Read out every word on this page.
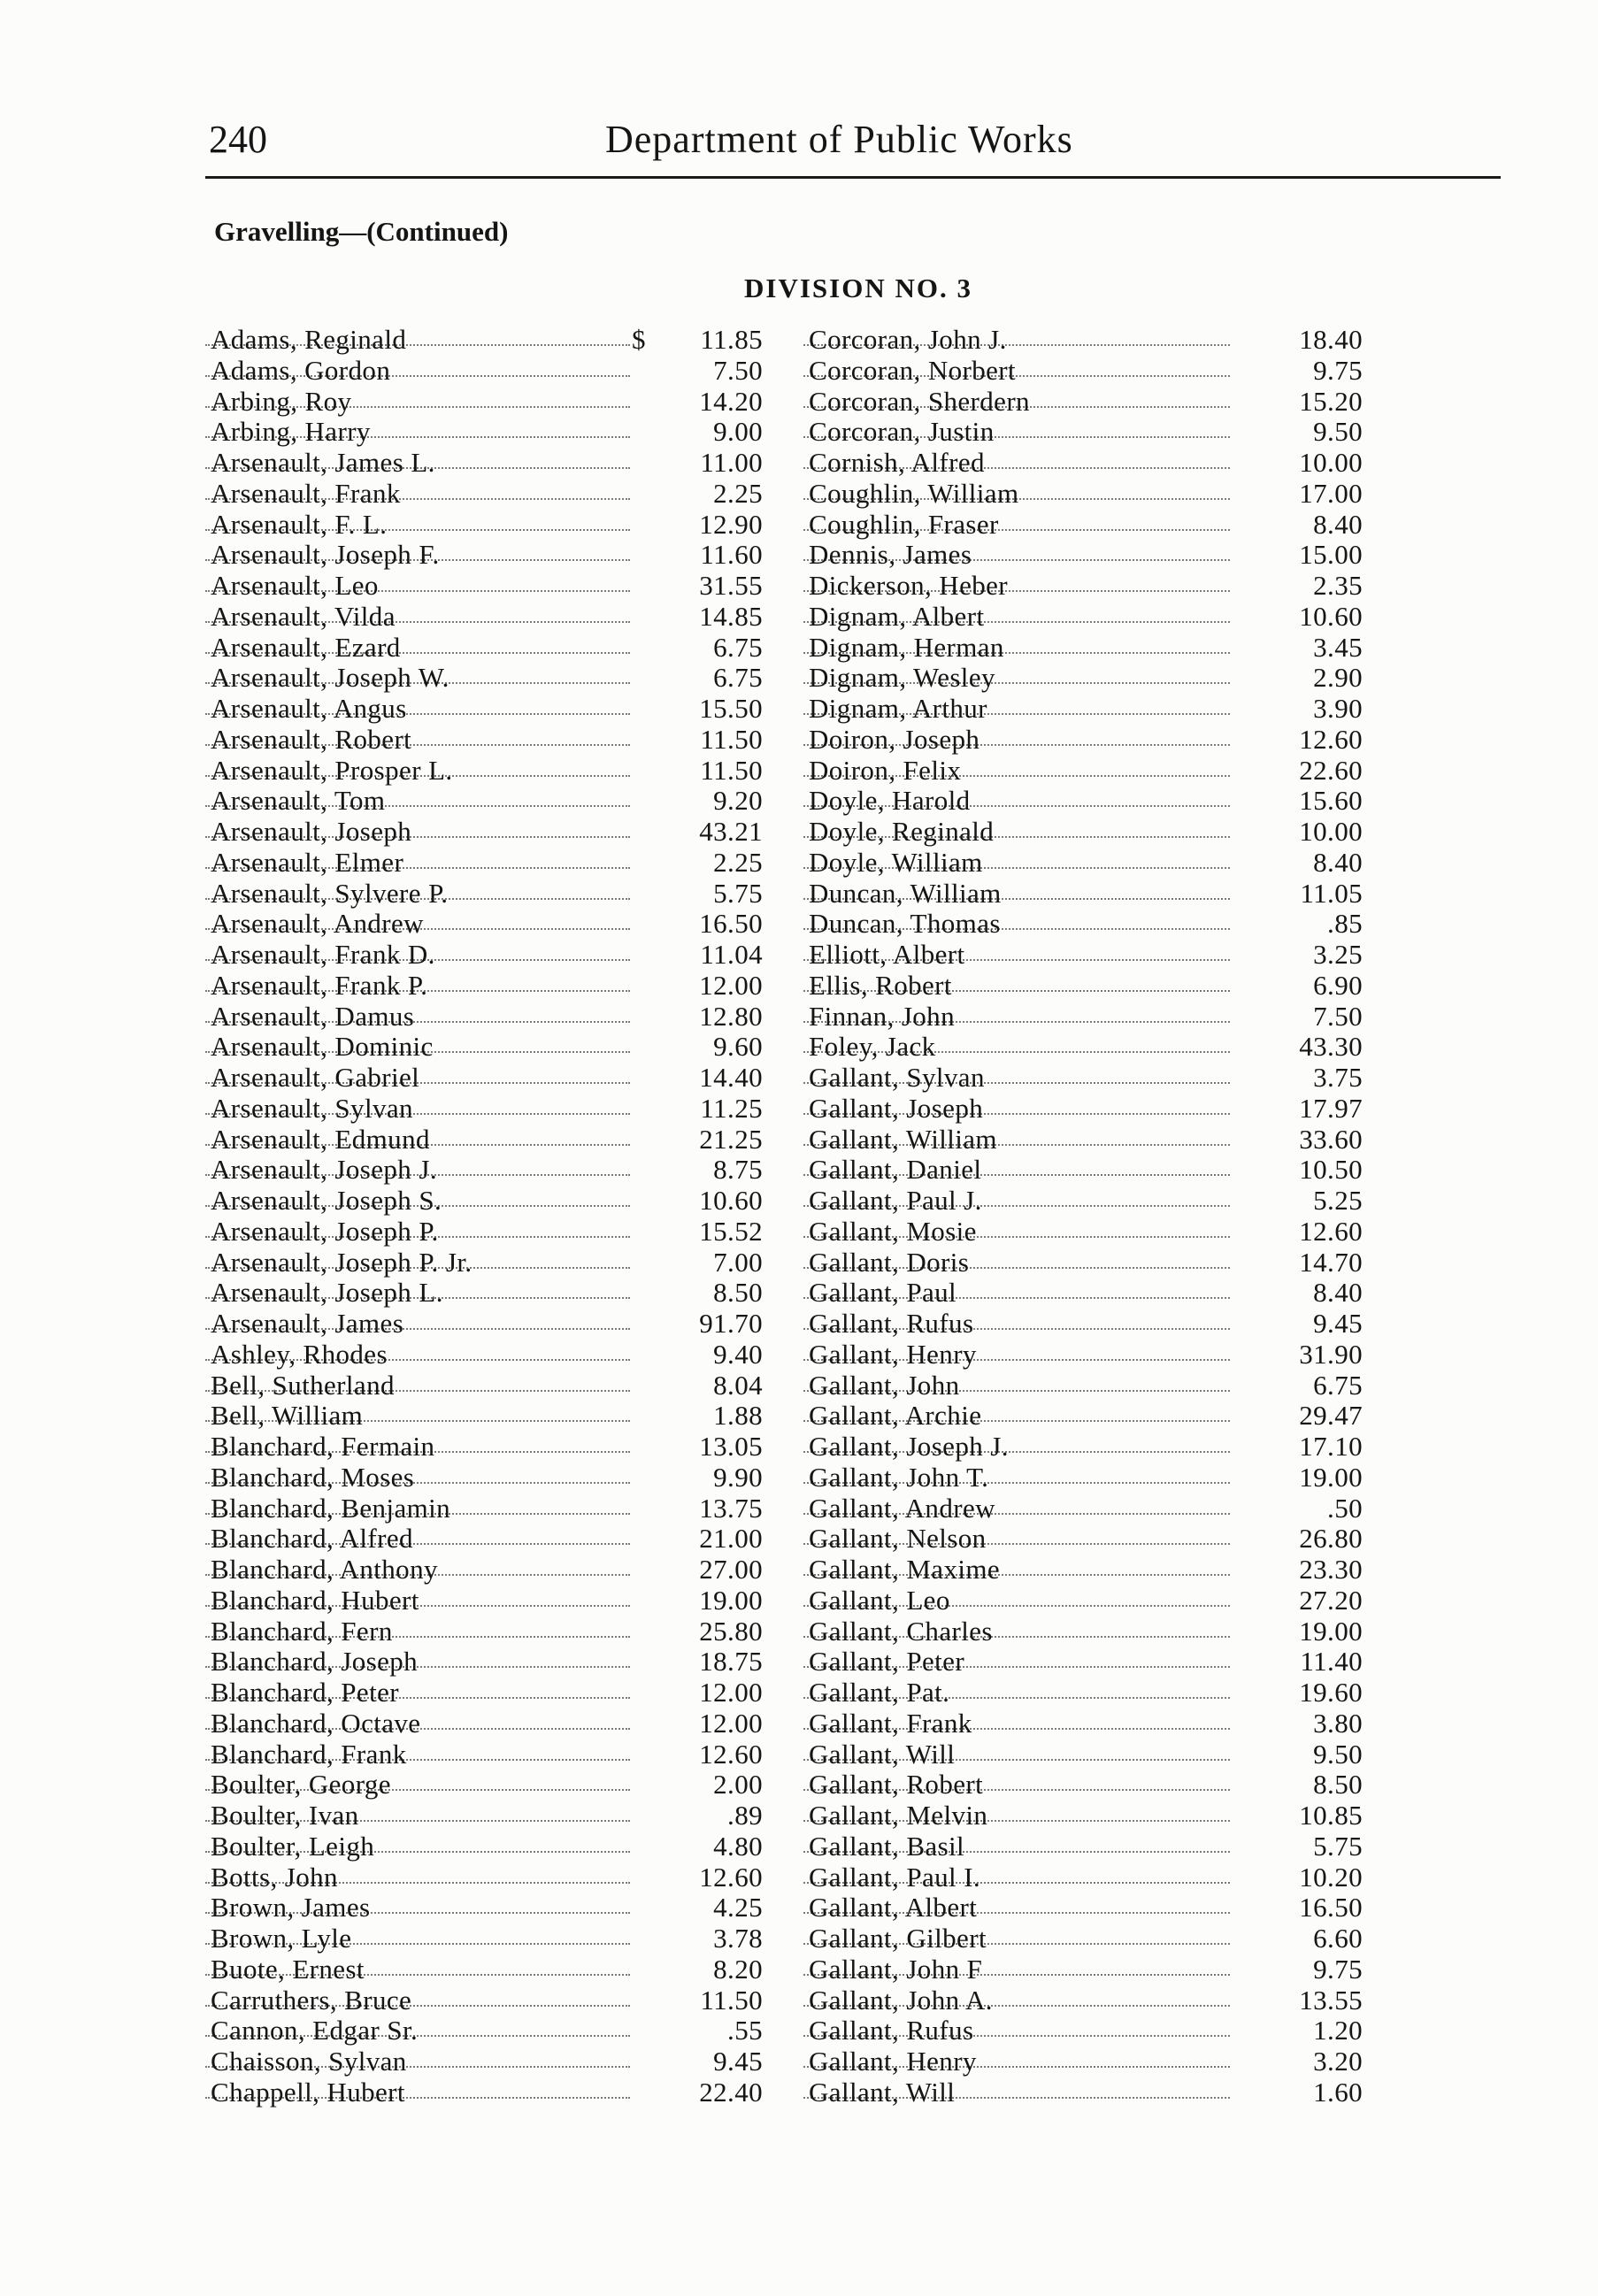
240	Department of Public Works
Gravelling—(Continued)
DIVISION NO. 3
Adams, Reginald	$	11.85
Adams, Gordon	7.50
Arbing, Roy	14.20
Arbing, Harry	9.00
Arsenault, James L.	11.00
Arsenault, Frank	2.25
Arsenault, F. L.	12.90
Arsenault, Joseph F.	11.60
Arsenault, Leo	31.55
Arsenault, Vilda	14.85
Arsenault, Ezard	6.75
Arsenault, Joseph W.	6.75
Arsenault, Angus	15.50
Arsenault, Robert	11.50
Arsenault, Prosper L.	11.50
Arsenault, Tom	9.20
Arsenault, Joseph	43.21
Arsenault, Elmer	2.25
Arsenault, Sylvere P.	5.75
Arsenault, Andrew	16.50
Arsenault, Frank D.	11.04
Arsenault, Frank P.	12.00
Arsenault, Damus	12.80
Arsenault, Dominic	9.60
Arsenault, Gabriel	14.40
Arsenault, Sylvan	11.25
Arsenault, Edmund	21.25
Arsenault, Joseph J.	8.75
Arsenault, Joseph S.	10.60
Arsenault, Joseph P.	15.52
Arsenault, Joseph P. Jr.	7.00
Arsenault, Joseph L.	8.50
Arsenault, James	91.70
Ashley, Rhodes	9.40
Bell, Sutherland	8.04
Bell, William	1.88
Blanchard, Fermain	13.05
Blanchard, Moses	9.90
Blanchard, Benjamin	13.75
Blanchard, Alfred	21.00
Blanchard, Anthony	27.00
Blanchard, Hubert	19.00
Blanchard, Fern	25.80
Blanchard, Joseph	18.75
Blanchard, Peter	12.00
Blanchard, Octave	12.00
Blanchard, Frank	12.60
Boulter, George	2.00
Boulter, Ivan	.89
Boulter, Leigh	4.80
Botts, John	12.60
Brown, James	4.25
Brown, Lyle	3.78
Buote, Ernest	8.20
Carruthers, Bruce	11.50
Cannon, Edgar Sr.	.55
Chaisson, Sylvan	9.45
Chappell, Hubert	22.40
Corcoran, John J.	18.40
Corcoran, Norbert	9.75
Corcoran, Sherdern	15.20
Corcoran, Justin	9.50
Cornish, Alfred	10.00
Coughlin, William	17.00
Coughlin, Fraser	8.40
Dennis, James	15.00
Dickerson, Heber	2.35
Dignam, Albert	10.60
Dignam, Herman	3.45
Dignam, Wesley	2.90
Dignam, Arthur	3.90
Doiron, Joseph	12.60
Doiron, Felix	22.60
Doyle, Harold	15.60
Doyle, Reginald	10.00
Doyle, William	8.40
Duncan, William	11.05
Duncan, Thomas	.85
Elliott, Albert	3.25
Ellis, Robert	6.90
Finnan, John	7.50
Foley, Jack	43.30
Gallant, Sylvan	3.75
Gallant, Joseph	17.97
Gallant, William	33.60
Gallant, Daniel	10.50
Gallant, Paul J.	5.25
Gallant, Mosie	12.60
Gallant, Doris	14.70
Gallant, Paul	8.40
Gallant, Rufus	9.45
Gallant, Henry	31.90
Gallant, John	6.75
Gallant, Archie	29.47
Gallant, Joseph J.	17.10
Gallant, John T.	19.00
Gallant, Andrew	.50
Gallant, Nelson	26.80
Gallant, Maxime	23.30
Gallant, Leo	27.20
Gallant, Charles	19.00
Gallant, Peter	11.40
Gallant, Pat.	19.60
Gallant, Frank	3.80
Gallant, Will	9.50
Gallant, Robert	8.50
Gallant, Melvin	10.85
Gallant, Basil	5.75
Gallant, Paul I.	10.20
Gallant, Albert	16.50
Gallant, Gilbert	6.60
Gallant, John F	9.75
Gallant, John A.	13.55
Gallant, Rufus	1.20
Gallant, Henry	3.20
Gallant, Will	1.60
